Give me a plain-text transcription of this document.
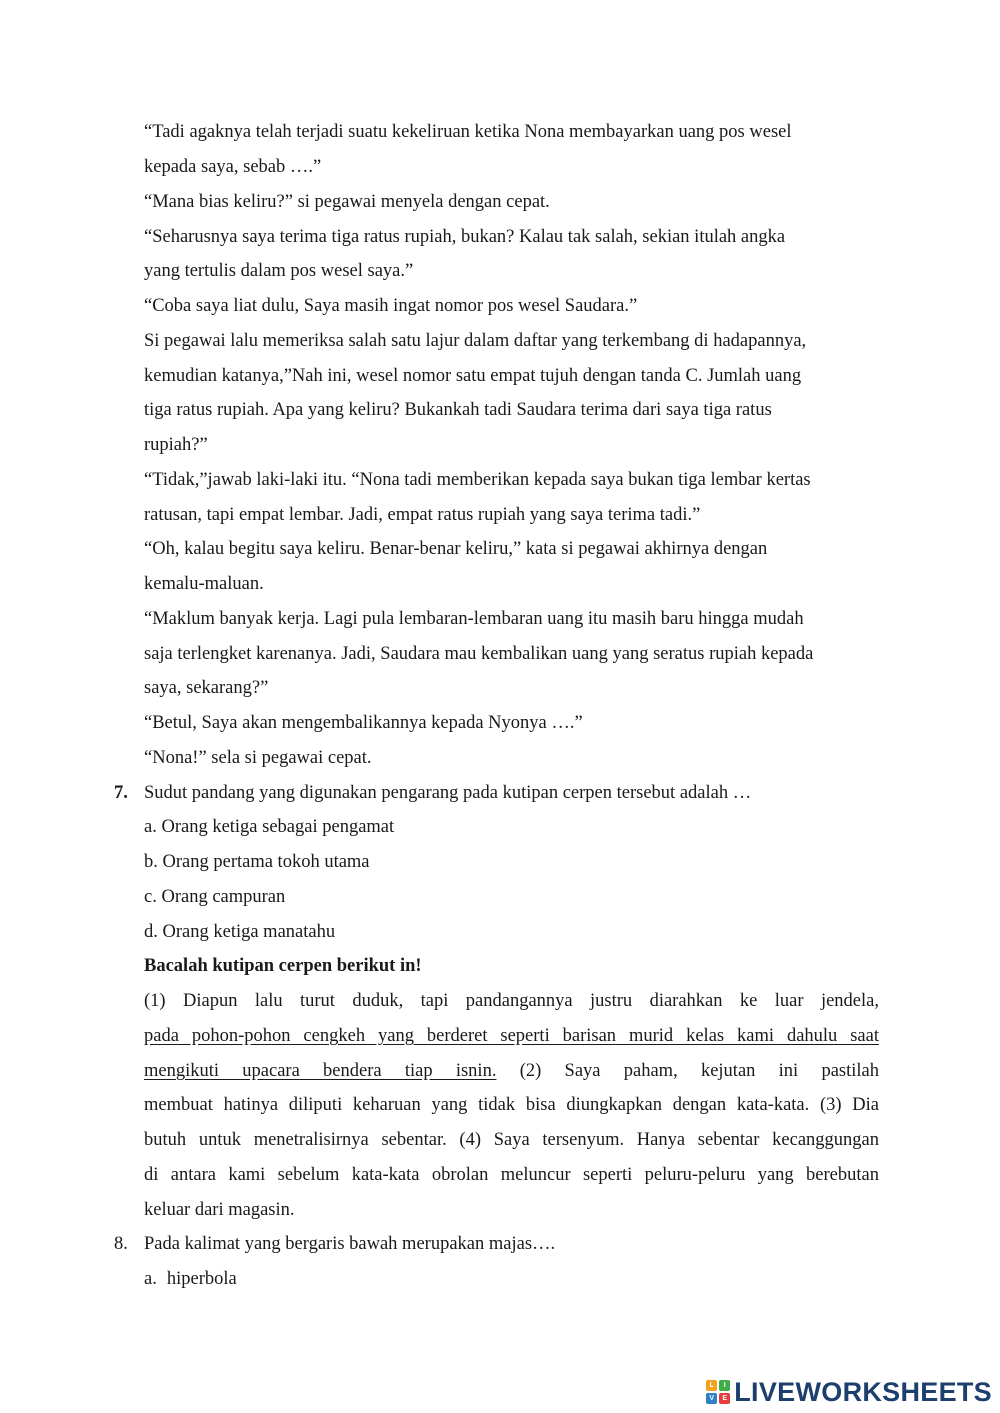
“Tadi agaknya telah terjadi suatu kekeliruan ketika Nona membayarkan uang pos wesel
kepada saya, sebab ….”
“Mana bias keliru?” si pegawai menyela dengan cepat.
“Seharusnya saya terima tiga ratus rupiah, bukan? Kalau tak salah, sekian itulah angka
yang tertulis dalam pos wesel saya.”
“Coba saya liat dulu, Saya masih ingat nomor pos wesel Saudara.”
Si pegawai lalu memeriksa salah satu lajur dalam daftar yang terkembang di hadapannya,
kemudian katanya,”Nah ini, wesel nomor satu empat tujuh dengan tanda C. Jumlah uang
tiga ratus rupiah. Apa yang keliru? Bukankah tadi Saudara terima dari saya tiga ratus
rupiah?”
“Tidak,”jawab laki-laki itu. “Nona tadi memberikan kepada saya bukan tiga lembar kertas
ratusan, tapi empat lembar. Jadi, empat ratus rupiah yang saya terima tadi.”
“Oh, kalau begitu saya keliru. Benar-benar keliru,” kata si pegawai akhirnya dengan
kemalu-maluan.
“Maklum banyak kerja. Lagi pula lembaran-lembaran uang itu masih baru hingga mudah
saja terlengket karenanya. Jadi, Saudara mau kembalikan uang yang seratus rupiah kepada
saya, sekarang?”
“Betul, Saya akan mengembalikannya kepada Nyonya ….”
“Nona!” sela si pegawai cepat.
7. Sudut pandang yang digunakan pengarang pada kutipan cerpen tersebut adalah …
a. Orang ketiga sebagai pengamat
b. Orang pertama tokoh utama
c. Orang campuran
d. Orang ketiga manatahu
Bacalah kutipan cerpen berikut in!
(1) Diapun lalu turut duduk, tapi pandangannya justru diarahkan ke luar jendela,
pada pohon-pohon cengkeh yang berderet seperti barisan murid kelas kami dahulu saat
mengikuti upacara bendera tiap isnin. (2) Saya paham, kejutan ini pastilah
membuat hatinya diliputi keharuan yang tidak bisa diungkapkan dengan kata-kata. (3) Dia
butuh untuk menetralisirnya sebentar. (4) Saya tersenyum. Hanya sebentar kecanggungan
di antara kami sebelum kata-kata obrolan meluncur seperti peluru-peluru yang berebutan
keluar dari magasin.
8. Pada kalimat yang bergaris bawah merupakan majas….
a. hiperbola
L	I
V	E LIVEWORKSHEETS
